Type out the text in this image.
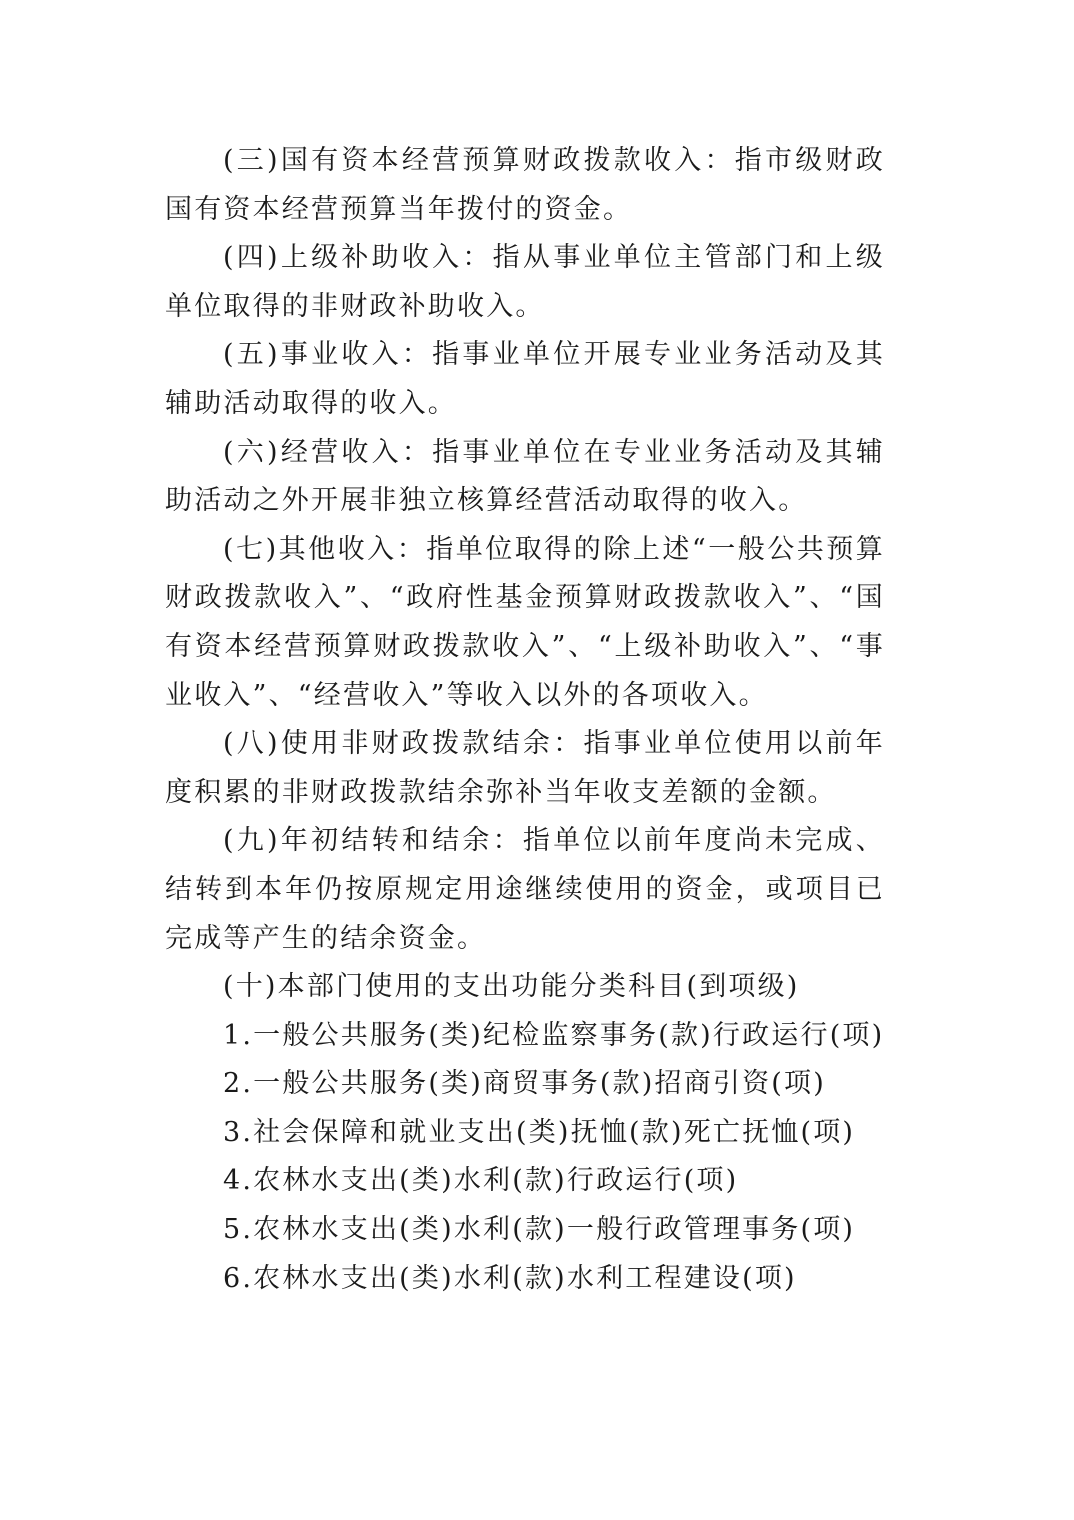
(三)国有资本经营预算财政拨款收入：指市级财政国有资本经营预算当年拨付的资金。

(四)上级补助收入：指从事业单位主管部门和上级单位取得的非财政补助收入。

(五)事业收入：指事业单位开展专业业务活动及其辅助活动取得的收入。

(六)经营收入：指事业单位在专业业务活动及其辅助活动之外开展非独立核算经营活动取得的收入。

(七)其他收入：指单位取得的除上述“一般公共预算财政拨款收入”、“政府性基金预算财政拨款收入”、“国有资本经营预算财政拨款收入”、“上级补助收入”、“事业收入”、“经营收入”等收入以外的各项收入。

(八)使用非财政拨款结余：指事业单位使用以前年度积累的非财政拨款结余弥补当年收支差额的金额。

(九)年初结转和结余：指单位以前年度尚未完成、结转到本年仍按原规定用途继续使用的资金，或项目已完成等产生的结余资金。

(十)本部门使用的支出功能分类科目(到项级)

1.一般公共服务(类)纪检监察事务(款)行政运行(项)

2.一般公共服务(类)商贸事务(款)招商引资(项)

3.社会保障和就业支出(类)抚恤(款)死亡抚恤(项)

4.农林水支出(类)水利(款)行政运行(项)

5.农林水支出(类)水利(款)一般行政管理事务(项)

6.农林水支出(类)水利(款)水利工程建设(项)
